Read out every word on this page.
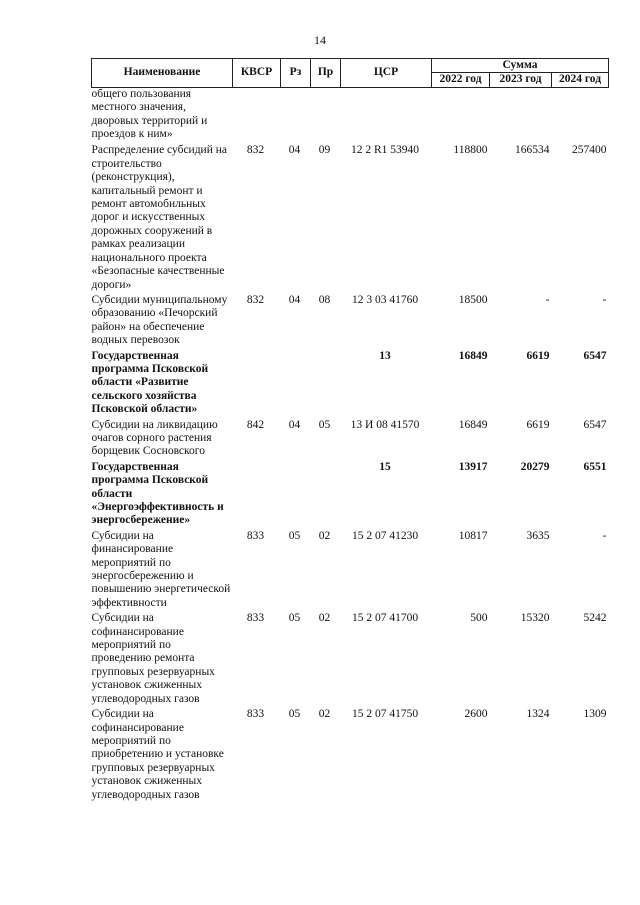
14
Наименование	КВСР	Рз	Пр	ЦСР	Сумма		
					2022 год	2023 год	2024 год
общего пользования местного значения, дворовых территорий и проездов к ним»							
Распределение субсидий на строительство (реконструкция), капитальный ремонт и ремонт автомобильных дорог и искусственных дорожных сооружений в рамках реализации национального проекта «Безопасные качественные дороги»	832	04	09	12 2 R1 53940	118800	166534	257400
Субсидии муниципальному образованию «Печорский район» на обеспечение водных перевозок	832	04	08	12 3 03 41760	18500	-	-
Государственная программа Псковской области «Развитие сельского хозяйства Псковской области»				13	16849	6619	6547
Субсидии на ликвидацию очагов сорного растения борщевик Сосновского	842	04	05	13 И 08 41570	16849	6619	6547
Государственная программа Псковской области «Энергоэффективность и энергосбережение»				15	13917	20279	6551
Субсидии на финансирование мероприятий по энергосбережению и повышению энергетической эффективности	833	05	02	15 2 07 41230	10817	3635	-
Субсидии на софинансирование мероприятий по проведению ремонта групповых резервуарных установок сжиженных углеводородных газов	833	05	02	15 2 07 41700	500	15320	5242
Субсидии на софинансирование мероприятий по приобретению и установке групповых резервуарных установок сжиженных углеводородных газов	833	05	02	15 2 07 41750	2600	1324	1309
